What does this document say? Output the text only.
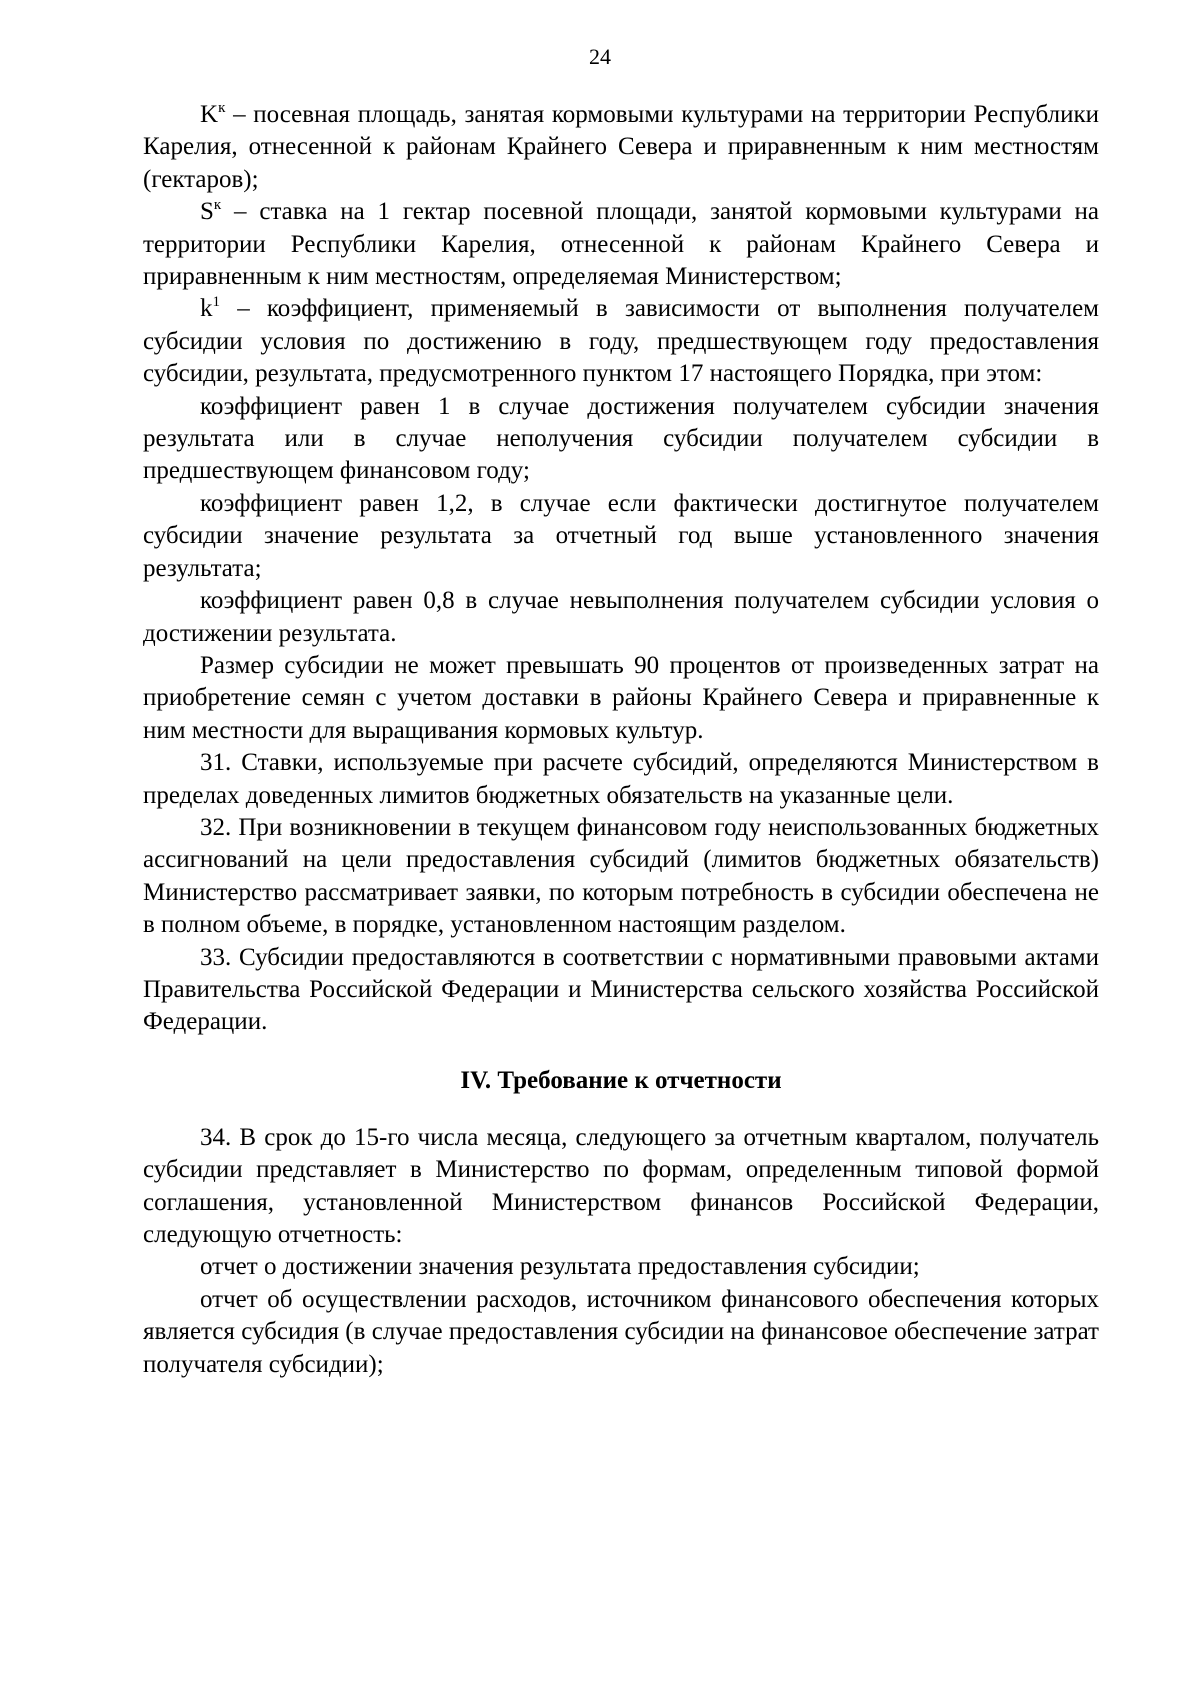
24

$K^к$ – посевная площадь, занятая кормовыми культурами на территории Республики Карелия, отнесенной к районам Крайнего Севера и приравненным к ним местностям (гектаров);

$S^к$ – ставка на 1 гектар посевной площади, занятой кормовыми культурами на территории Республики Карелия, отнесенной к районам Крайнего Севера и приравненным к ним местностям, определяемая Министерством;

$k^1$ – коэффициент, применяемый в зависимости от выполнения получателем субсидии условия по достижению в году, предшествующем году предоставления субсидии, результата, предусмотренного пунктом 17 настоящего Порядка, при этом:

коэффициент равен 1 в случае достижения получателем субсидии значения результата или в случае неполучения субсидии получателем субсидии в предшествующем финансовом году;

коэффициент равен 1,2, в случае если фактически достигнутое получателем субсидии значение результата за отчетный год выше установленного значения результата;

коэффициент равен 0,8 в случае невыполнения получателем субсидии условия о достижении результата.

Размер субсидии не может превышать 90 процентов от произведенных затрат на приобретение семян с учетом доставки в районы Крайнего Севера и приравненные к ним местности для выращивания кормовых культур.

31. Ставки, используемые при расчете субсидий, определяются Министерством в пределах доведенных лимитов бюджетных обязательств на указанные цели.

32. При возникновении в текущем финансовом году неиспользованных бюджетных ассигнований на цели предоставления субсидий (лимитов бюджетных обязательств) Министерство рассматривает заявки, по которым потребность в субсидии обеспечена не в полном объеме, в порядке, установленном настоящим разделом.

33. Субсидии предоставляются в соответствии с нормативными правовыми актами Правительства Российской Федерации и Министерства сельского хозяйства Российской Федерации.

IV. Требование к отчетности

34. В срок до 15-го числа месяца, следующего за отчетным кварталом, получатель субсидии представляет в Министерство по формам, определенным типовой формой соглашения, установленной Министерством финансов Российской Федерации, следующую отчетность:

отчет о достижении значения результата предоставления субсидии;

отчет об осуществлении расходов, источником финансового обеспечения которых является субсидия (в случае предоставления субсидии на финансовое обеспечение затрат получателя субсидии);
